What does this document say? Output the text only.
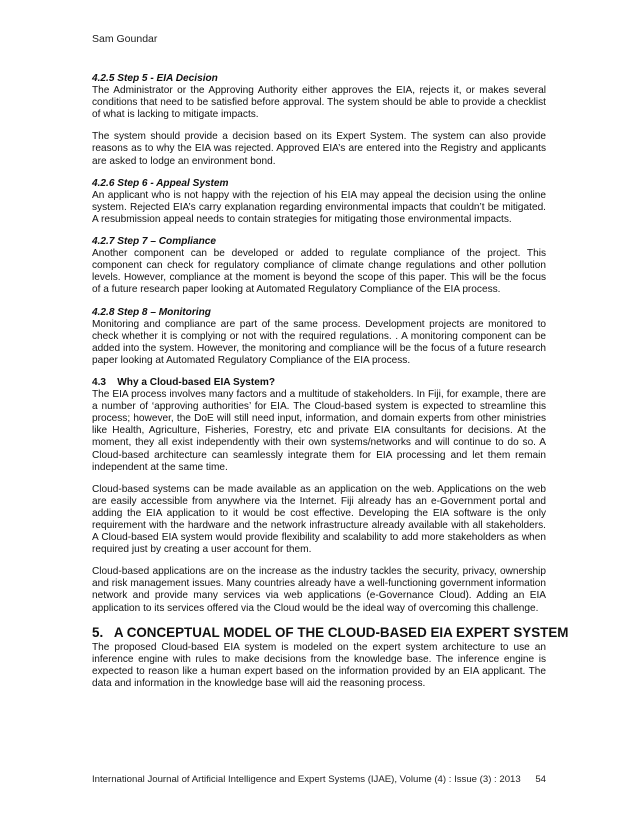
Sam Goundar
4.2.5 Step 5 - EIA Decision

The Administrator or the Approving Authority either approves the EIA, rejects it, or makes several conditions that need to be satisfied before approval. The system should be able to provide a checklist of what is lacking to mitigate impacts.

The system should provide a decision based on its Expert System. The system can also provide reasons as to why the EIA was rejected. Approved EIA’s are entered into the Registry and applicants are asked to lodge an environment bond.

4.2.6 Step 6 - Appeal System

An applicant who is not happy with the rejection of his EIA may appeal the decision using the online system. Rejected EIA’s carry explanation regarding environmental impacts that couldn’t be mitigated. A resubmission appeal needs to contain strategies for mitigating those environmental impacts.

4.2.7 Step 7 – Compliance

Another component can be developed or added to regulate compliance of the project. This component can check for regulatory compliance of climate change regulations and other pollution levels. However, compliance at the moment is beyond the scope of this paper. This will be the focus of a future research paper looking at Automated Regulatory Compliance of the EIA process.

4.2.8 Step 8 – Monitoring

Monitoring and compliance are part of the same process. Development projects are monitored to check whether it is complying or not with the required regulations. . A monitoring component can be added into the system. However, the monitoring and compliance will be the focus of a future research paper looking at Automated Regulatory Compliance of the EIA process.

4.3    Why a Cloud-based EIA System?

The EIA process involves many factors and a multitude of stakeholders. In Fiji, for example, there are a number of ‘approving authorities’ for EIA. The Cloud-based system is expected to streamline this process; however, the DoE will still need input, information, and domain experts from other ministries like Health, Agriculture, Fisheries, Forestry, etc and private EIA consultants for decisions. At the moment, they all exist independently with their own systems/networks and will continue to do so. A Cloud-based architecture can seamlessly integrate them for EIA processing and let them remain independent at the same time.

Cloud-based systems can be made available as an application on the web. Applications on the web are easily accessible from anywhere via the Internet. Fiji already has an e-Government portal and adding the EIA application to it would be cost effective. Developing the EIA software is the only requirement with the hardware and the network infrastructure already available with all stakeholders. A Cloud-based EIA system would provide flexibility and scalability to add more stakeholders as when required just by creating a user account for them.

Cloud-based applications are on the increase as the industry tackles the security, privacy, ownership and risk management issues. Many countries already have a well-functioning government information network and provide many services via web applications (e-Governance Cloud). Adding an EIA application to its services offered via the Cloud would be the ideal way of overcoming this challenge.

5.   A CONCEPTUAL MODEL OF THE CLOUD-BASED EIA EXPERT SYSTEM

The proposed Cloud-based EIA system is modeled on the expert system architecture to use an inference engine with rules to make decisions from the knowledge base. The inference engine is expected to reason like a human expert based on the information provided by an EIA applicant. The data and information in the knowledge base will aid the reasoning process.

International Journal of Artificial Intelligence and Expert Systems (IJAE), Volume (4) : Issue (3) : 2013 54
